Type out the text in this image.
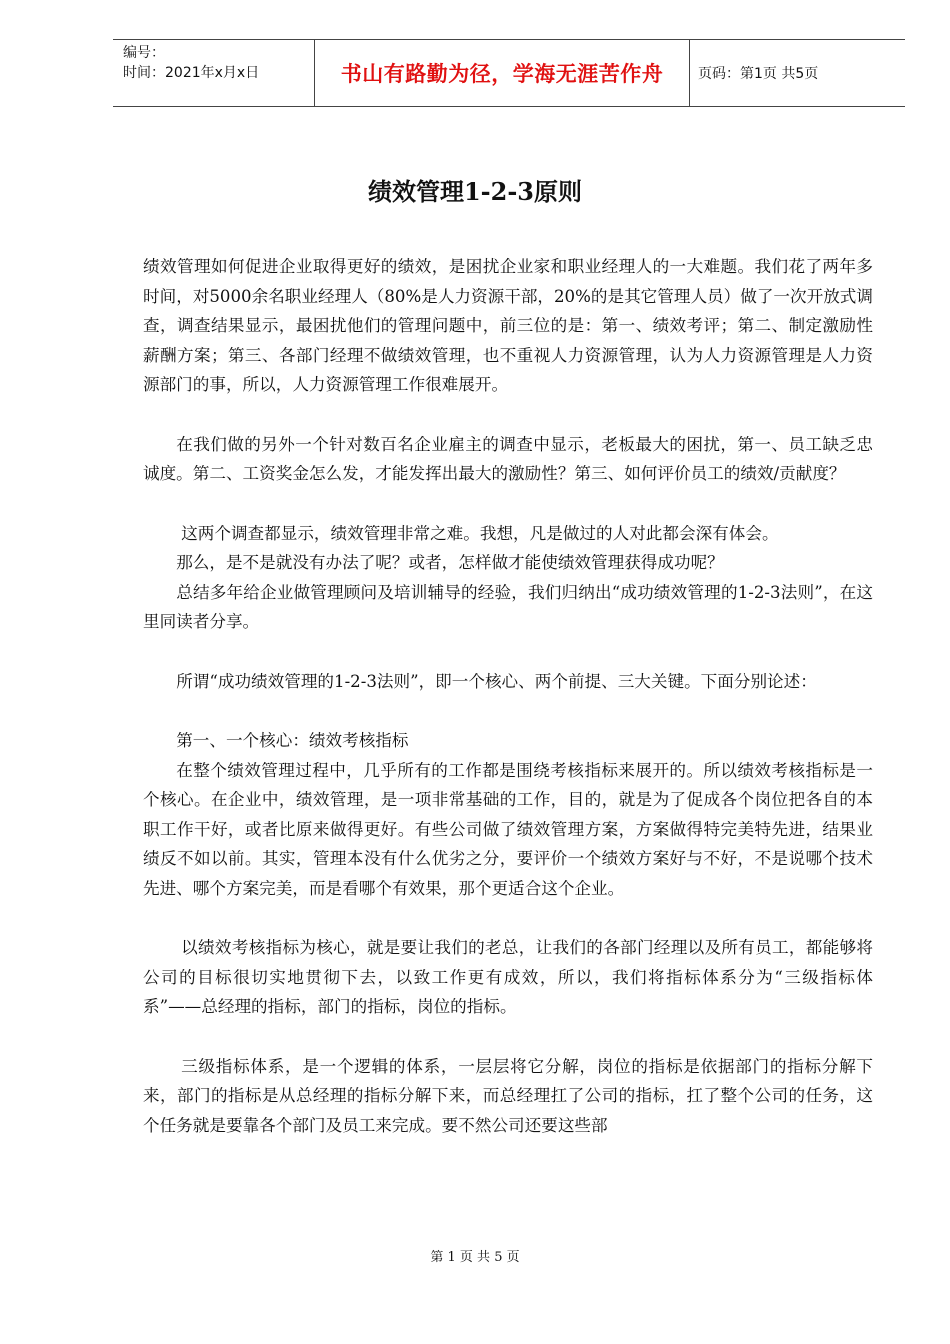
编号：
时间：2021年x月x日	书山有路勤为径，学海无涯苦作舟	页码：第1页 共5页
绩效管理1-2-3原则

绩效管理如何促进企业取得更好的绩效，是困扰企业家和职业经理人的一大难题。我们花了两年多时间，对5000余名职业经理人（80%是人力资源干部，20%的是其它管理人员）做了一次开放式调查，调查结果显示，最困扰他们的管理问题中，前三位的是：第一、绩效考评；第二、制定激励性薪酬方案；第三、各部门经理不做绩效管理，也不重视人力资源管理，认为人力资源管理是人力资源部门的事，所以，人力资源管理工作很难展开。

在我们做的另外一个针对数百名企业雇主的调查中显示，老板最大的困扰，第一、员工缺乏忠诚度。第二、工资奖金怎么发，才能发挥出最大的激励性？第三、如何评价员工的绩效/贡献度？

这两个调查都显示，绩效管理非常之难。我想，凡是做过的人对此都会深有体会。

那么，是不是就没有办法了呢？或者，怎样做才能使绩效管理获得成功呢？

总结多年给企业做管理顾问及培训辅导的经验，我们归纳出“成功绩效管理的1-2-3法则”，在这里同读者分享。

所谓“成功绩效管理的1-2-3法则”，即一个核心、两个前提、三大关键。下面分别论述：

第一、一个核心：绩效考核指标

在整个绩效管理过程中，几乎所有的工作都是围绕考核指标来展开的。所以绩效考核指标是一个核心。在企业中，绩效管理，是一项非常基础的工作，目的，就是为了促成各个岗位把各自的本职工作干好，或者比原来做得更好。有些公司做了绩效管理方案，方案做得特完美特先进，结果业绩反不如以前。其实，管理本没有什么优劣之分，要评价一个绩效方案好与不好，不是说哪个技术先进、哪个方案完美，而是看哪个有效果，那个更适合这个企业。

以绩效考核指标为核心，就是要让我们的老总，让我们的各部门经理以及所有员工，都能够将公司的目标很切实地贯彻下去，以致工作更有成效，所以，我们将指标体系分为“三级指标体系”——总经理的指标，部门的指标，岗位的指标。

三级指标体系，是一个逻辑的体系，一层层将它分解，岗位的指标是依据部门的指标分解下来，部门的指标是从总经理的指标分解下来，而总经理扛了公司的指标，扛了整个公司的任务，这个任务就是要靠各个部门及员工来完成。要不然公司还要这些部

第 1 页 共 5 页
